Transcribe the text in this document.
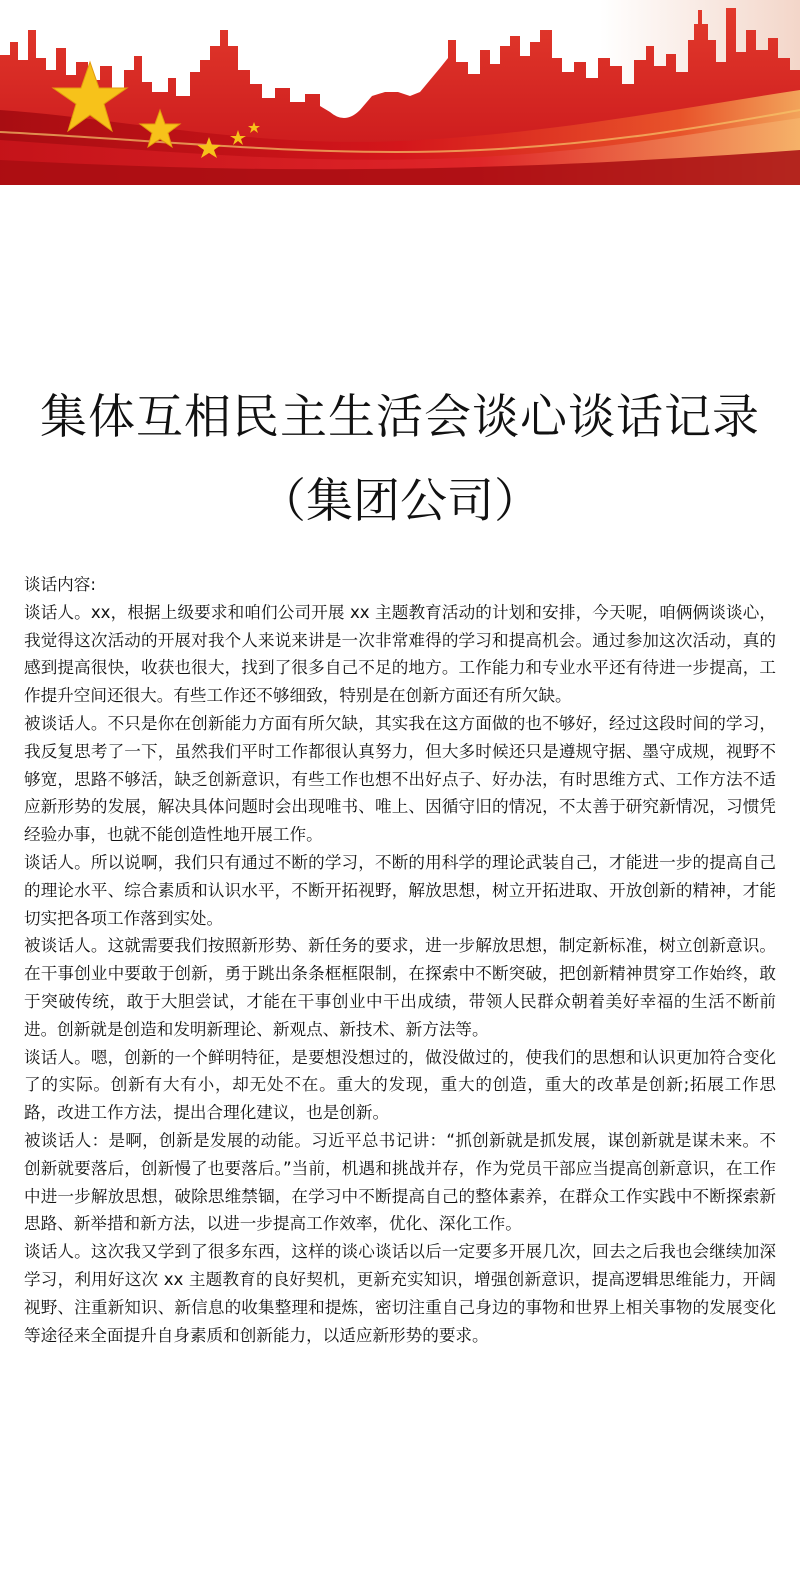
集体互相民主生活会谈心谈话记录
（集团公司）

谈话内容:

谈话人。xx，根据上级要求和咱们公司开展 xx 主题教育活动的计划和安排，今天呢，咱俩俩谈谈心，我觉得这次活动的开展对我个人来说来讲是一次非常难得的学习和提高机会。通过参加这次活动，真的感到提高很快，收获也很大，找到了很多自己不足的地方。工作能力和专业水平还有待进一步提高，工作提升空间还很大。有些工作还不够细致，特别是在创新方面还有所欠缺。

被谈话人。不只是你在创新能力方面有所欠缺，其实我在这方面做的也不够好，经过这段时间的学习，我反复思考了一下，虽然我们平时工作都很认真努力，但大多时候还只是遵规守据、墨守成规，视野不够宽，思路不够活，缺乏创新意识，有些工作也想不出好点子、好办法，有时思维方式、工作方法不适应新形势的发展，解决具体问题时会出现唯书、唯上、因循守旧的情况，不太善于研究新情况，习惯凭经验办事，也就不能创造性地开展工作。

谈话人。所以说啊，我们只有通过不断的学习，不断的用科学的理论武装自己，才能进一步的提高自己的理论水平、综合素质和认识水平，不断开拓视野，解放思想，树立开拓进取、开放创新的精神，才能切实把各项工作落到实处。

被谈话人。这就需要我们按照新形势、新任务的要求，进一步解放思想，制定新标准，树立创新意识。在干事创业中要敢于创新，勇于跳出条条框框限制，在探索中不断突破，把创新精神贯穿工作始终，敢于突破传统，敢于大胆尝试，才能在干事创业中干出成绩，带领人民群众朝着美好幸福的生活不断前进。创新就是创造和发明新理论、新观点、新技术、新方法等。

谈话人。嗯，创新的一个鲜明特征，是要想没想过的，做没做过的，使我们的思想和认识更加符合变化了的实际。创新有大有小，却无处不在。重大的发现，重大的创造，重大的改革是创新;拓展工作思路，改进工作方法，提出合理化建议，也是创新。

被谈话人：是啊，创新是发展的动能。习近平总书记讲：“抓创新就是抓发展，谋创新就是谋未来。不创新就要落后，创新慢了也要落后。”当前，机遇和挑战并存，作为党员干部应当提高创新意识，在工作中进一步解放思想，破除思维禁锢，在学习中不断提高自己的整体素养，在群众工作实践中不断探索新思路、新举措和新方法，以进一步提高工作效率，优化、深化工作。

谈话人。这次我又学到了很多东西，这样的谈心谈话以后一定要多开展几次，回去之后我也会继续加深学习，利用好这次 xx 主题教育的良好契机，更新充实知识，增强创新意识，提高逻辑思维能力，开阔视野、注重新知识、新信息的收集整理和提炼，密切注重自己身边的事物和世界上相关事物的发展变化等途径来全面提升自身素质和创新能力，以适应新形势的要求。
